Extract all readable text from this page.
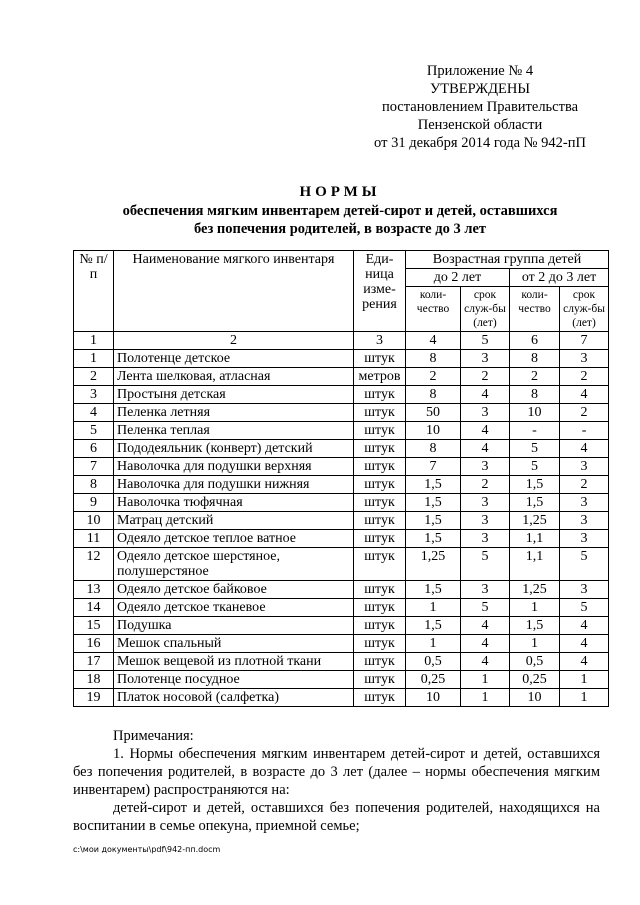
Приложение № 4
УТВЕРЖДЕНЫ
постановлением Правительства
Пензенской области
от 31 декабря 2014 года № 942-пП
НОРМЫ
обеспечения мягким инвентарем детей-сирот и детей, оставшихся
без попечения родителей, в возрасте до 3 лет
№ п/п	Наименование мягкого инвентаря	Еди-ница изме-рения	Возрастная группа детей			
			до 2 лет		от 2 до 3 лет	
			коли-чество	срок служ-бы (лет)	коли-чество	срок служ-бы (лет)
1	2	3	4	5	6	7
1	Полотенце детское	штук	8	3	8	3
2	Лента шелковая, атласная	метров	2	2	2	2
3	Простыня детская	штук	8	4	8	4
4	Пеленка летняя	штук	50	3	10	2
5	Пеленка теплая	штук	10	4	-	-
6	Пододеяльник (конверт) детский	штук	8	4	5	4
7	Наволочка для подушки верхняя	штук	7	3	5	3
8	Наволочка для подушки нижняя	штук	1,5	2	1,5	2
9	Наволочка тюфячная	штук	1,5	3	1,5	3
10	Матрац детский	штук	1,5	3	1,25	3
11	Одеяло детское теплое ватное	штук	1,5	3	1,1	3
12	Одеяло детское шерстяное, полушерстяное	штук	1,25	5	1,1	5
13	Одеяло детское байковое	штук	1,5	3	1,25	3
14	Одеяло детское тканевое	штук	1	5	1	5
15	Подушка	штук	1,5	4	1,5	4
16	Мешок спальный	штук	1	4	1	4
17	Мешок вещевой из плотной ткани	штук	0,5	4	0,5	4
18	Полотенце посудное	штук	0,25	1	0,25	1
19	Платок носовой (салфетка)	штук	10	1	10	1

Примечания:

1. Нормы обеспечения мягким инвентарем детей-сирот и детей, оставшихся без попечения родителей, в возрасте до 3 лет (далее – нормы обеспечения мягким инвентарем) распространяются на:

детей-сирот и детей, оставшихся без попечения родителей, находящихся на воспитании в семье опекуна, приемной семье;

c:\мои документы\pdf\942-пп.docm
